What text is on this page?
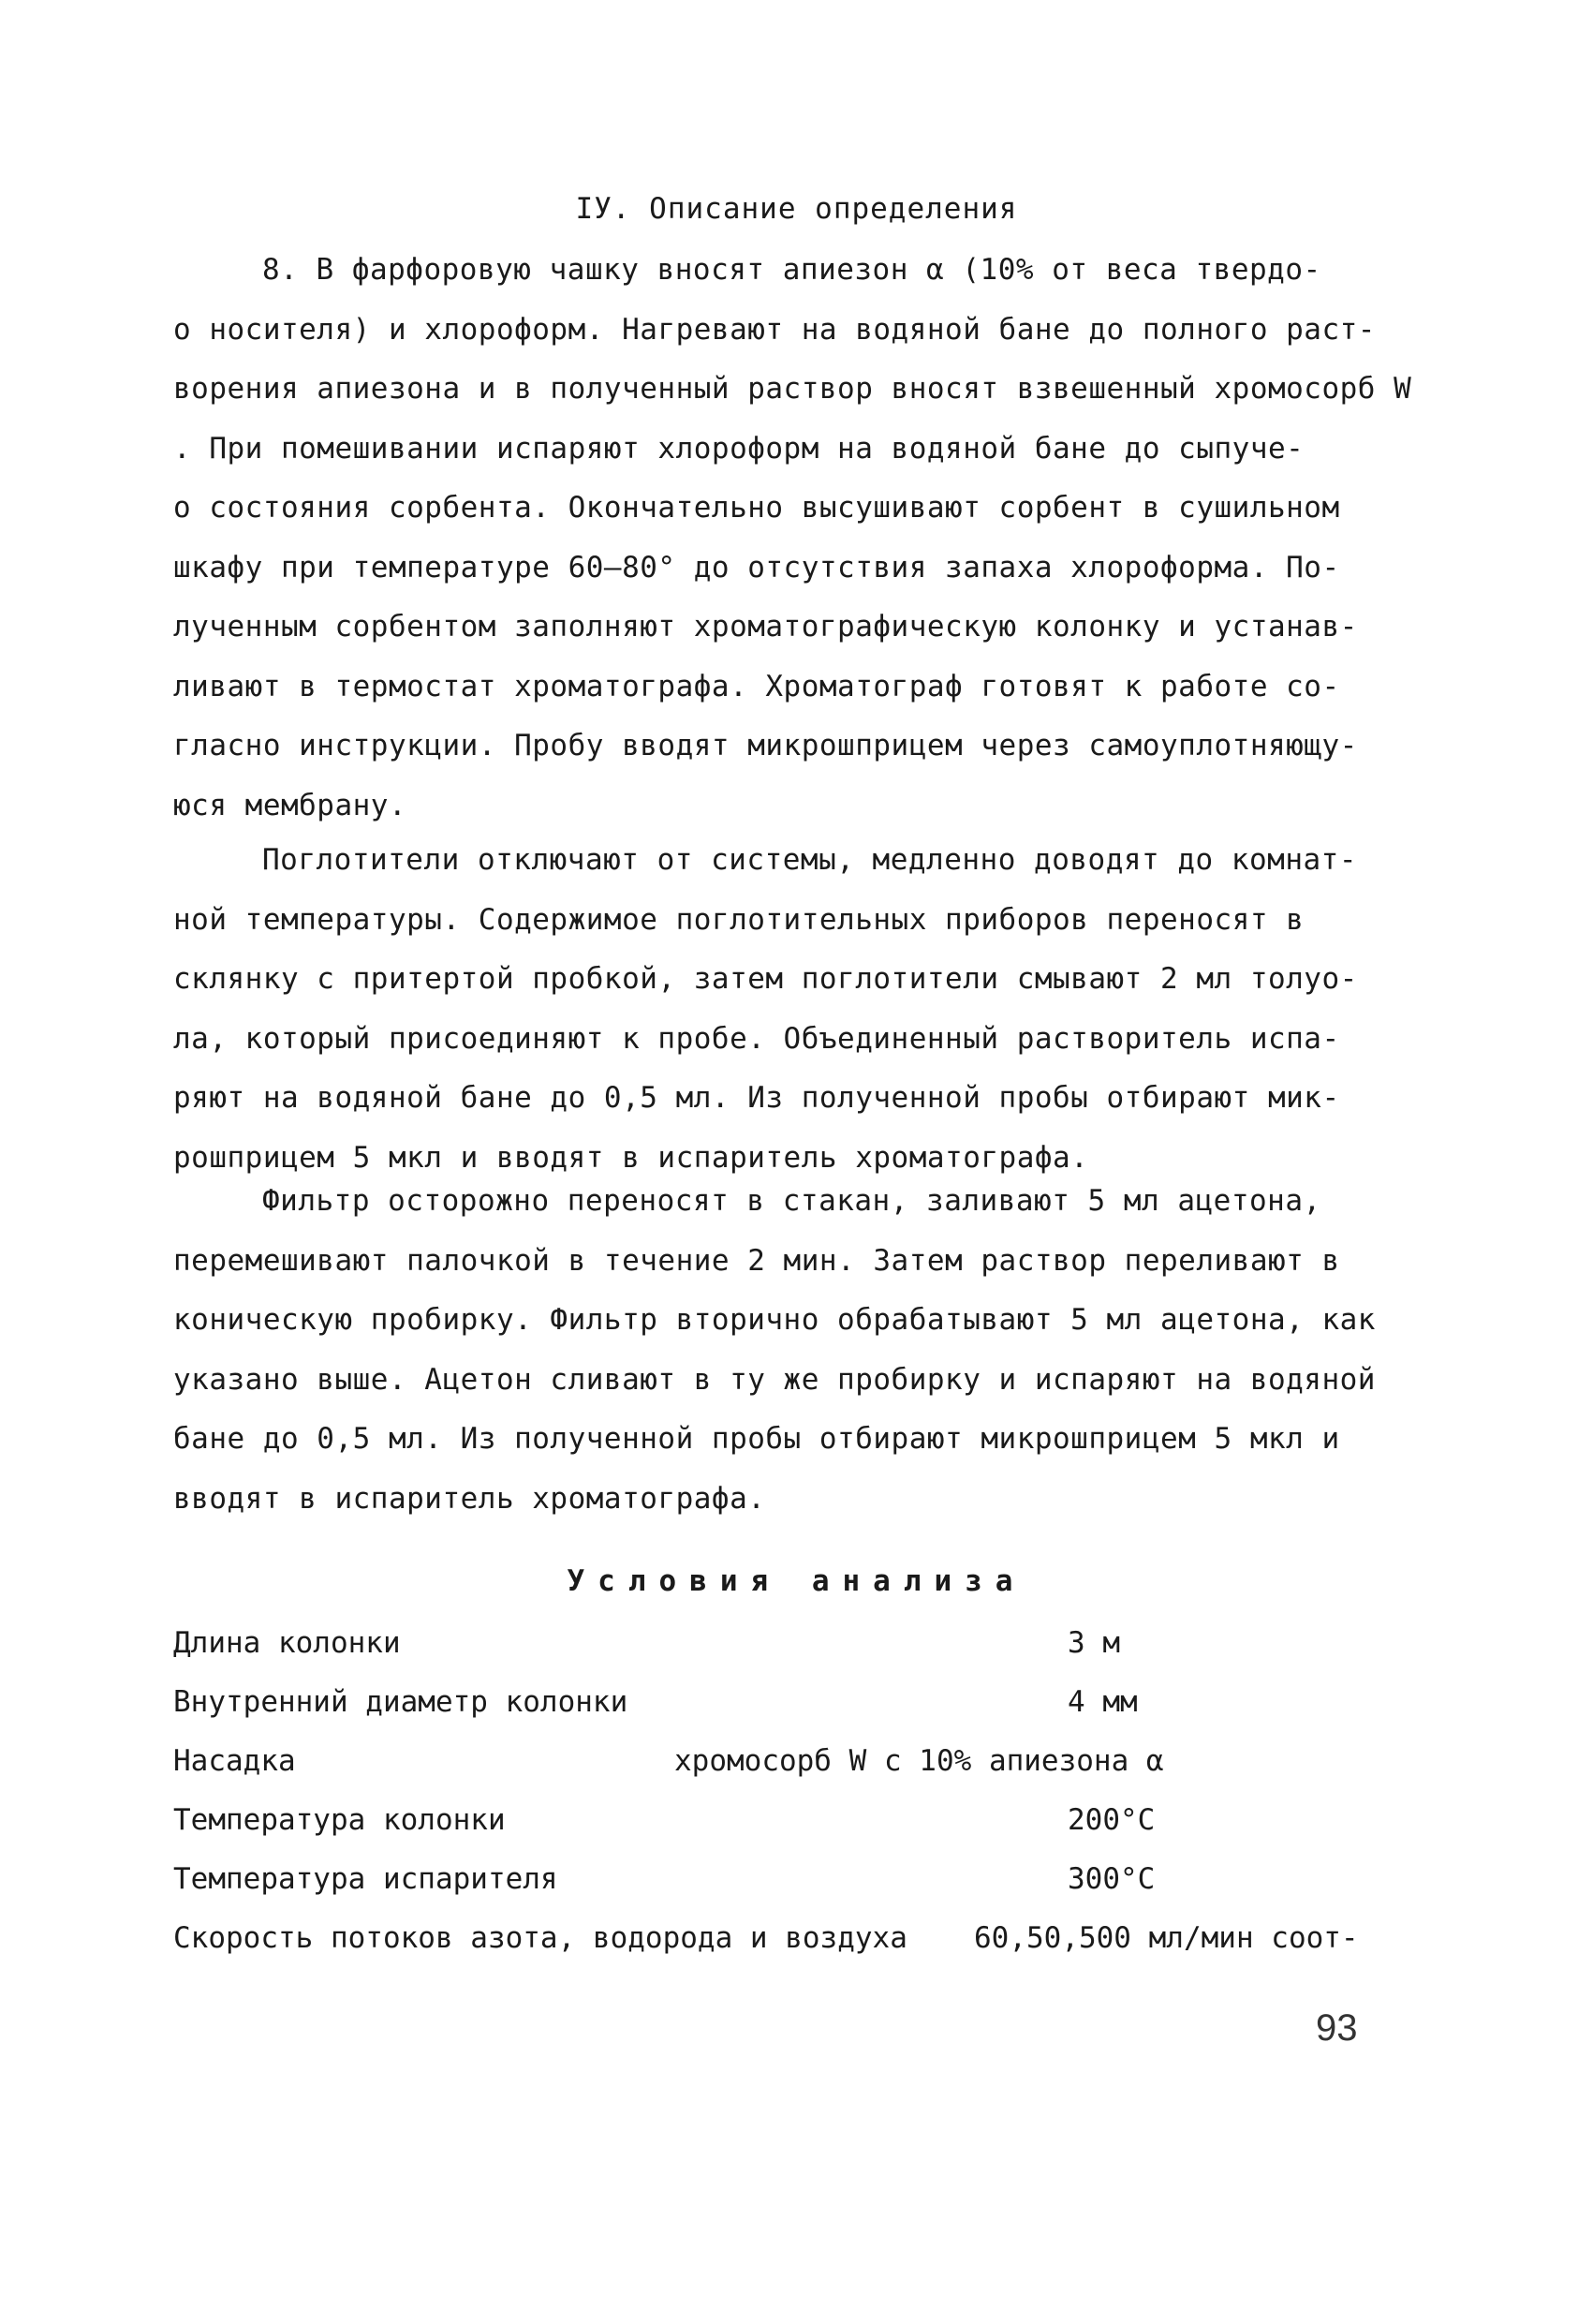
IУ. Описание определения
8. В фарфоровую чашку вносят апиезон α (10% от веса твердо-
о носителя) и хлороформ. Нагревают на водяной бане до полного раст-
ворения апиезона и в полученный раствор вносят взвешенный хромосорб W
. При помешивании испаряют хлороформ на водяной бане до сыпуче-
о состояния сорбента. Окончательно высушивают сорбент в сушильном
шкафу при температуре 60–80° до отсутствия запаха хлороформа. По-
лученным сорбентом заполняют хроматографическую колонку и устанав-
ливают в термостат хроматографа. Хроматограф готовят к работе со-
гласно инструкции. Пробу вводят микрошприцем через самоуплотняющу-
юся мембрану.
Поглотители отключают от системы, медленно доводят до комнат-
ной температуры. Содержимое поглотительных приборов переносят в
склянку с притертой пробкой, затем поглотители смывают 2 мл толуо-
ла, который присоединяют к пробе. Объединенный растворитель испа-
ряют на водяной бане до 0,5 мл. Из полученной пробы отбирают мик-
рошприцем 5 мкл и вводят в испаритель хроматографа.
Фильтр осторожно переносят в стакан, заливают 5 мл ацетона,
перемешивают палочкой в течение 2 мин. Затем раствор переливают в
коническую пробирку. Фильтр вторично обрабатывают 5 мл ацетона, как
указано выше. Ацетон сливают в ту же пробирку и испаряют на водяной
бане до 0,5 мл. Из полученной пробы отбирают микрошприцем 5 мкл и
вводят в испаритель хроматографа.
Условия анализа
Длина колонки	3 м
Внутренний диаметр колонки	4 мм
Насадка	хромосорб W с 10% апиезона α
Температура колонки	200°C
Температура испарителя	300°C
Скорость потоков азота, водорода и воздуха 60,50,500 мл/мин соот-
93
